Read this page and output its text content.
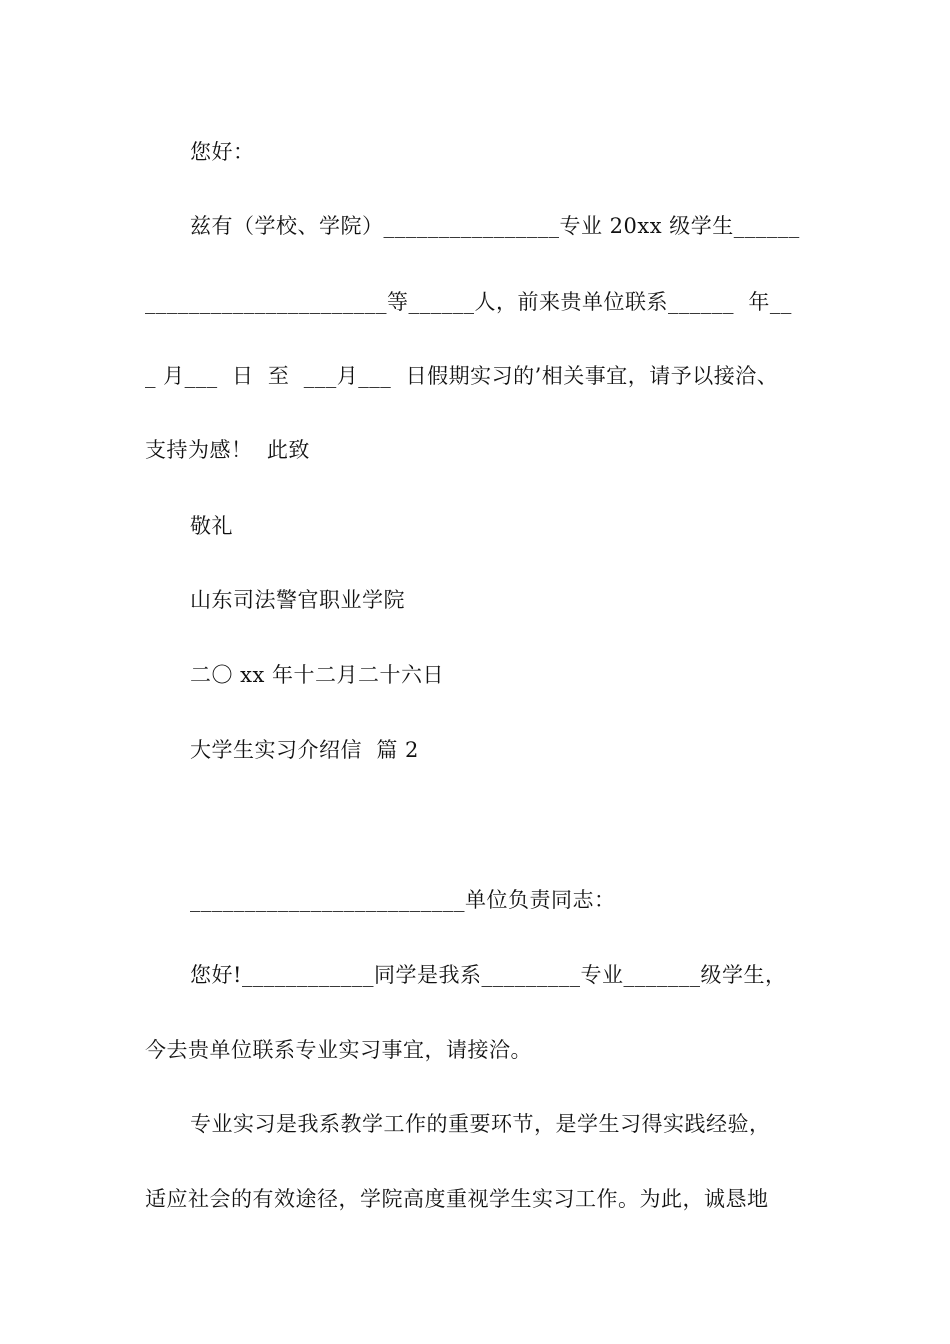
您好：
兹有（学校、学院）________________专业 20xx 级学生______
______________________等______人，前来贵单位联系______  年__
_ 月___  日  至  ___月___  日假期实习的’相关事宜，请予以接洽、
支持为感！  此致
敬礼
山东司法警官职业学院
二〇 xx 年十二月二十六日
大学生实习介绍信  篇 2
_________________________单位负责同志：
您好!____________同学是我系_________专业_______级学生，
今去贵单位联系专业实习事宜，请接洽。
专业实习是我系教学工作的重要环节，是学生习得实践经验，
适应社会的有效途径，学院高度重视学生实习工作。为此，诚恳地
